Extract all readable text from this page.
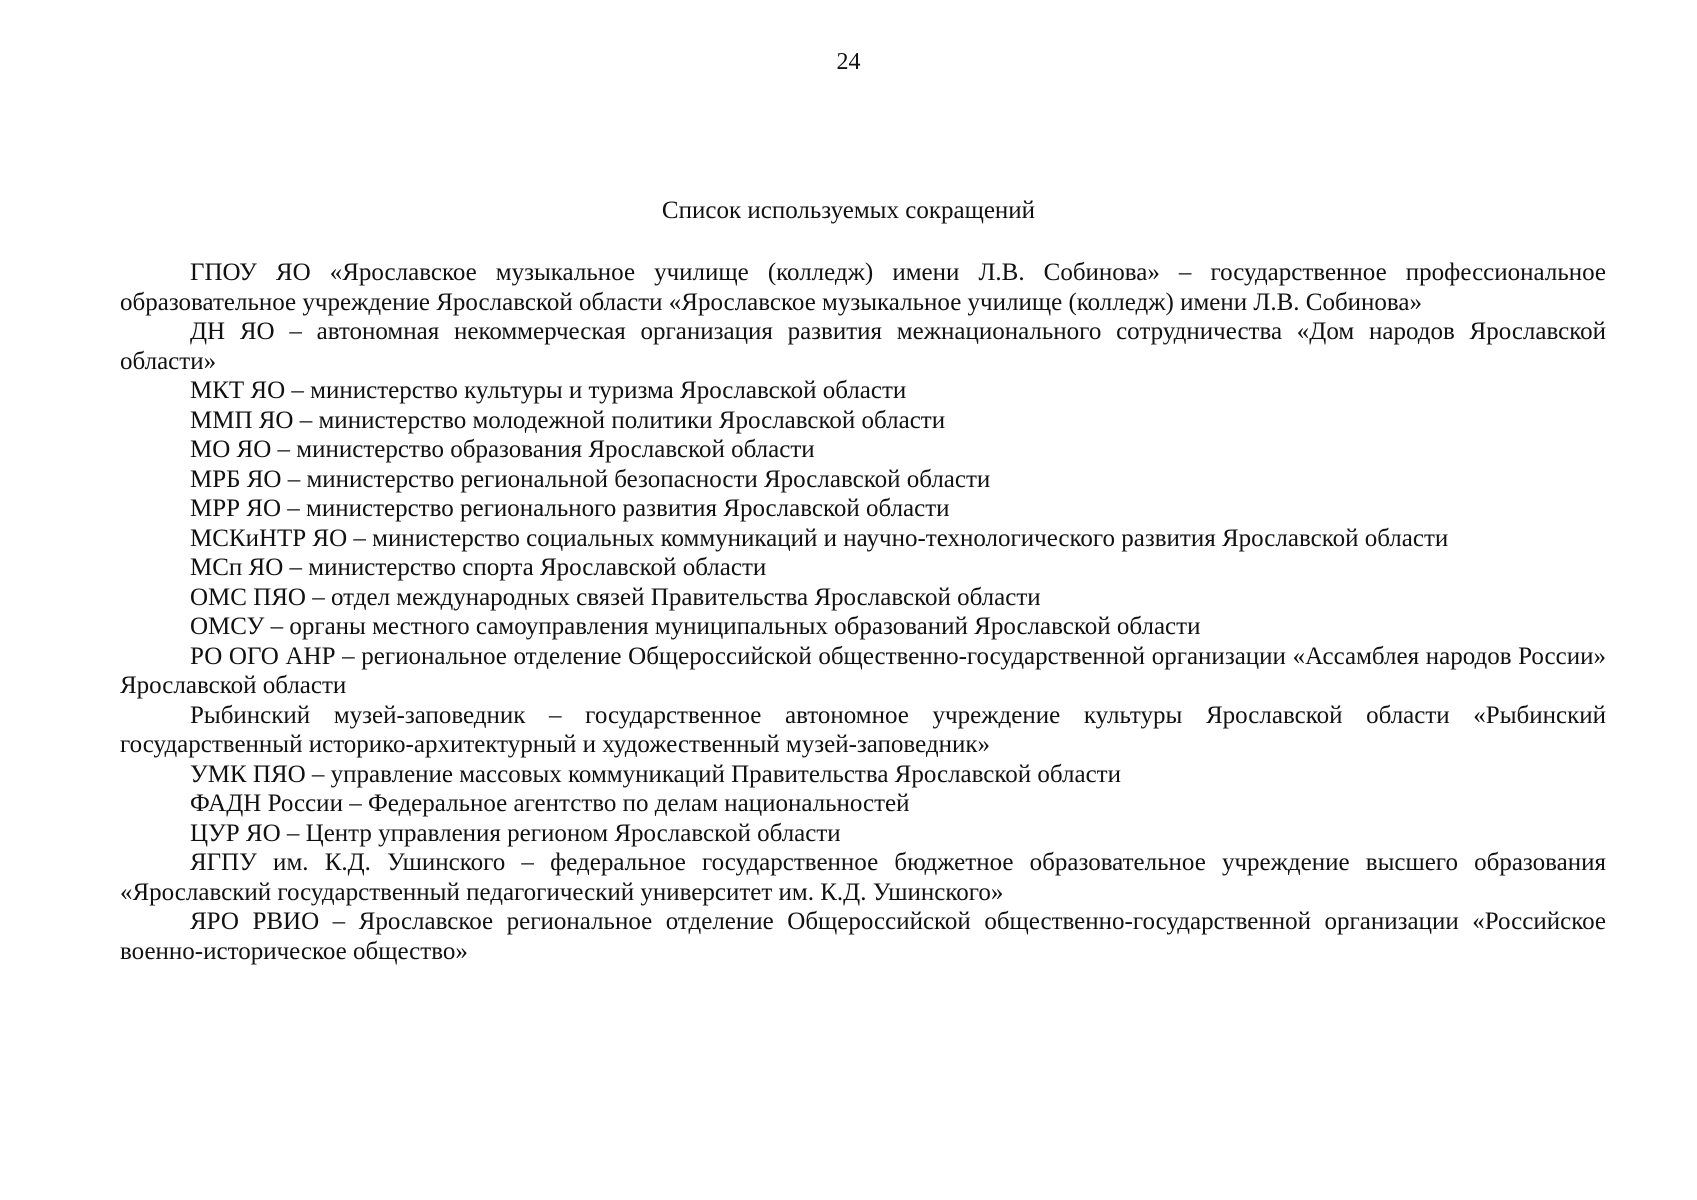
24
Список используемых сокращений

ГПОУ ЯО «Ярославское музыкальное училище (колледж) имени Л.В. Собинова» – государственное профессиональное образовательное учреждение Ярославской области «Ярославское музыкальное училище (колледж) имени Л.В. Собинова»

ДН ЯО – автономная некоммерческая организация развития межнационального сотрудничества «Дом народов Ярославской области»

МКТ ЯО – министерство культуры и туризма Ярославской области

ММП ЯО – министерство молодежной политики Ярославской области

МО ЯО – министерство образования Ярославской области

МРБ ЯО – министерство региональной безопасности Ярославской области

МРР ЯО – министерство регионального развития Ярославской области

МСКиНТР ЯО – министерство социальных коммуникаций и научно-технологического развития Ярославской области

МСп ЯО – министерство спорта Ярославской области

ОМС ПЯО – отдел международных связей Правительства Ярославской области

ОМСУ – органы местного самоуправления муниципальных образований Ярославской области

РО ОГО АНР – региональное отделение Общероссийской общественно-государственной организации «Ассамблея народов России» Ярославской области

Рыбинский музей-заповедник – государственное автономное учреждение культуры Ярославской области «Рыбинский государственный историко-архитектурный и художественный музей-заповедник»

УМК ПЯО – управление массовых коммуникаций Правительства Ярославской области

ФАДН России – Федеральное агентство по делам национальностей

ЦУР ЯО – Центр управления регионом Ярославской области

ЯГПУ им. К.Д. Ушинского – федеральное государственное бюджетное образовательное учреждение высшего образования «Ярославский государственный педагогический университет им. К.Д. Ушинского»

ЯРО РВИО – Ярославское региональное отделение Общероссийской общественно-государственной организации «Российское военно-историческое общество»
